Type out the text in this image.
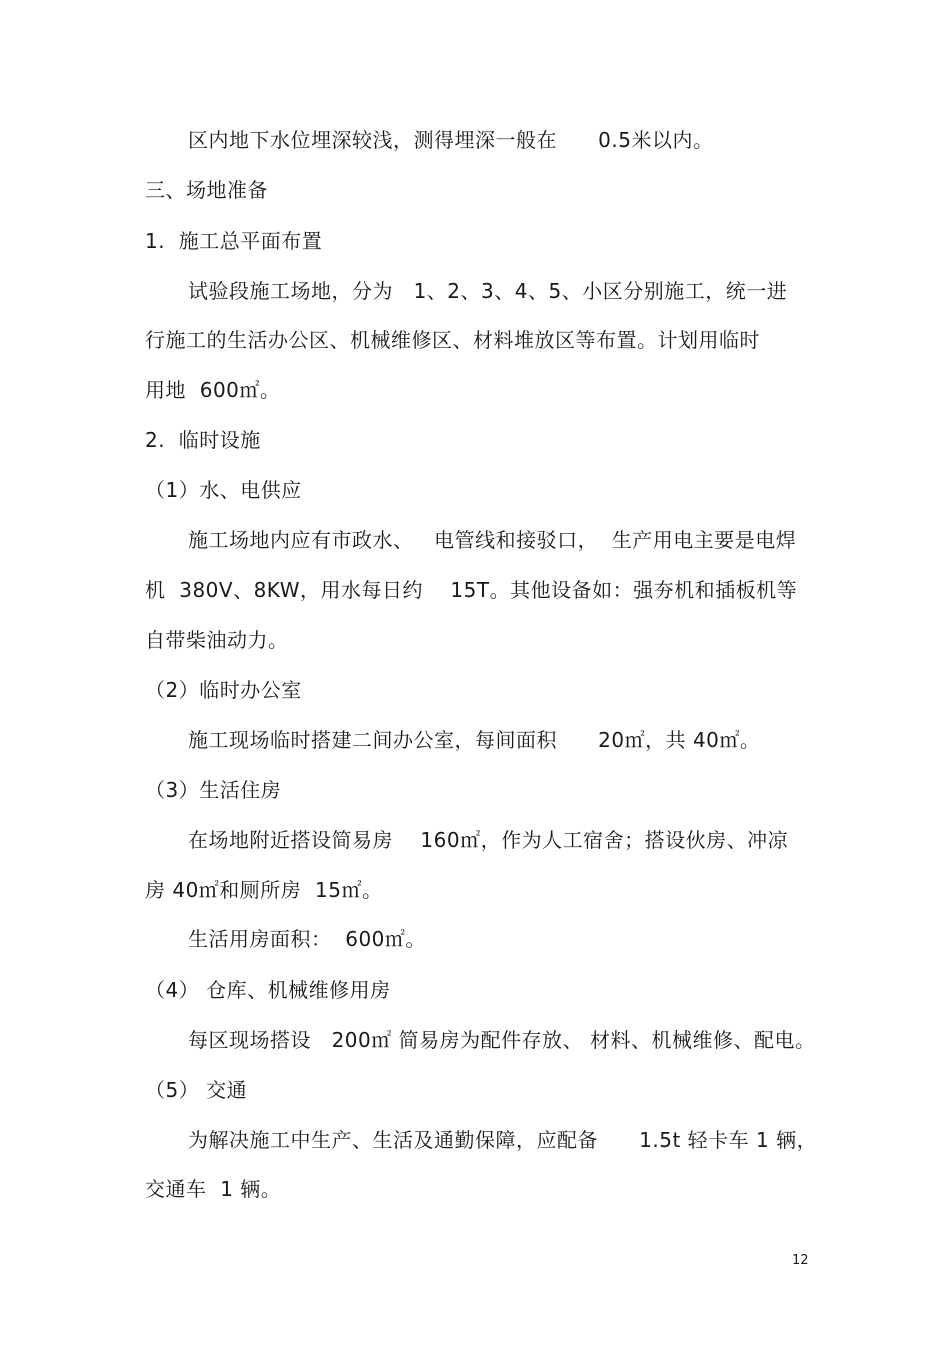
区内地下水位埋深较浅，测得埋深一般在      0.5米以内。
三、场地准备
1.  施工总平面布置
试验段施工场地，分为   1、2、3、4、5、小区分别施工，统一进
行施工的生活办公区、机械维修区、材料堆放区等布置。计划用临时
用地  600㎡。
2.  临时设施
（1）水、电供应
施工场地内应有市政水、   电管线和接驳口，  生产用电主要是电焊
机  380V、8KW，用水每日约    15T。其他设备如：强夯机和插板机等
自带柴油动力。
（2）临时办公室
施工现场临时搭建二间办公室，每间面积      20㎡，共 40㎡。
（3）生活住房
在场地附近搭设简易房    160㎡，作为人工宿舍；搭设伙房、冲凉
房 40㎡和厕所房  15㎡。
生活用房面积：  600㎡。
（4） 仓库、机械维修用房
每区现场搭设   200㎡ 简易房为配件存放、 材料、机械维修、配电。
（5） 交通
为解决施工中生产、生活及通勤保障，应配备      1.5t 轻卡车 1 辆，
交通车  1 辆。
12
